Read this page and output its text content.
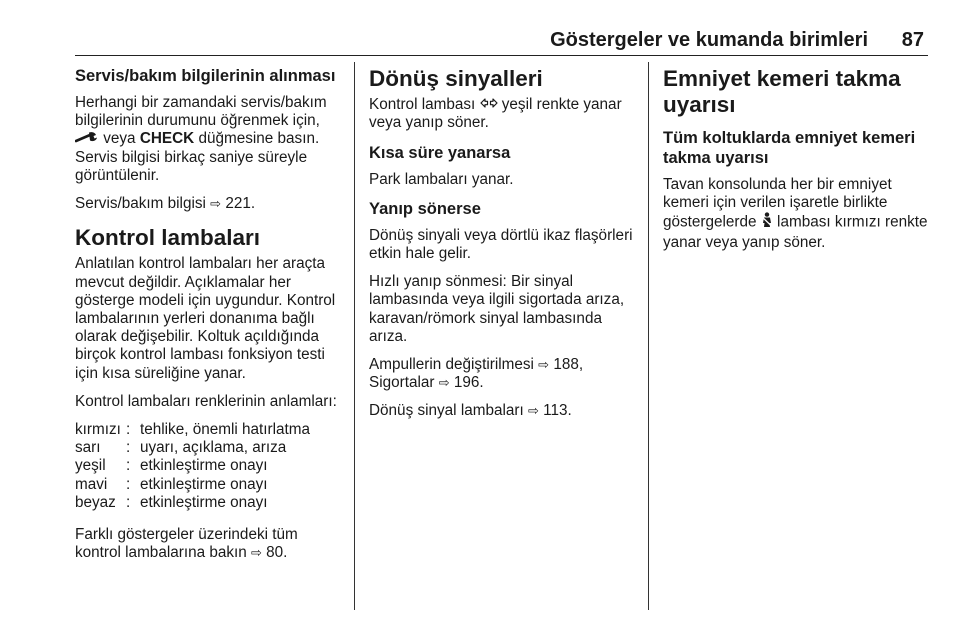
Göstergeler ve kumanda birimleri 87
Servis/bakım bilgilerinin alınması
Herhangi bir zamandaki servis/bakım bilgilerinin durumunu öğrenmek için,
veya CHECK düğmesine basın. Servis bilgisi birkaç saniye süreyle görüntülenir.
Servis/bakım bilgisi ⇨ 221.
Kontrol lambaları
Anlatılan kontrol lambaları her araçta mevcut değildir. Açıklamalar her gösterge modeli için uygundur. Kontrol lambalarının yerleri donanıma bağlı olarak değişebilir. Koltuk açıldığında birçok kontrol lambası fonksiyon testi için kısa süreliğine yanar.
Kontrol lambaları renklerinin anlamları:
kırmızı : tehlike, önemli hatırlatma
sarı	: uyarı, açıklama, arıza
yeşil	: etkinleştirme onayı
mavi	: etkinleştirme onayı
beyaz : etkinleştirme onayı
Farklı göstergeler üzerindeki tüm kontrol lambalarına bakın ⇨ 80.
Dönüş sinyalleri
Kontrol lambası  yeşil renkte yanar veya yanıp söner.
Kısa süre yanarsa
Park lambaları yanar.
Yanıp sönerse
Dönüş sinyali veya dörtlü ikaz flaşörleri etkin hale gelir.
Hızlı yanıp sönmesi: Bir sinyal lambasında veya ilgili sigortada arıza, karavan/römork sinyal lambasında arıza.
Ampullerin değiştirilmesi ⇨ 188,
Sigortalar ⇨ 196.
Dönüş sinyal lambaları ⇨ 113.
Emniyet kemeri takma uyarısı
Tüm koltuklarda emniyet kemeri takma uyarısı
Tavan konsolunda her bir emniyet kemeri için verilen işaretle birlikte göstergelerde  lambası kırmızı renkte yanar veya yanıp söner.
